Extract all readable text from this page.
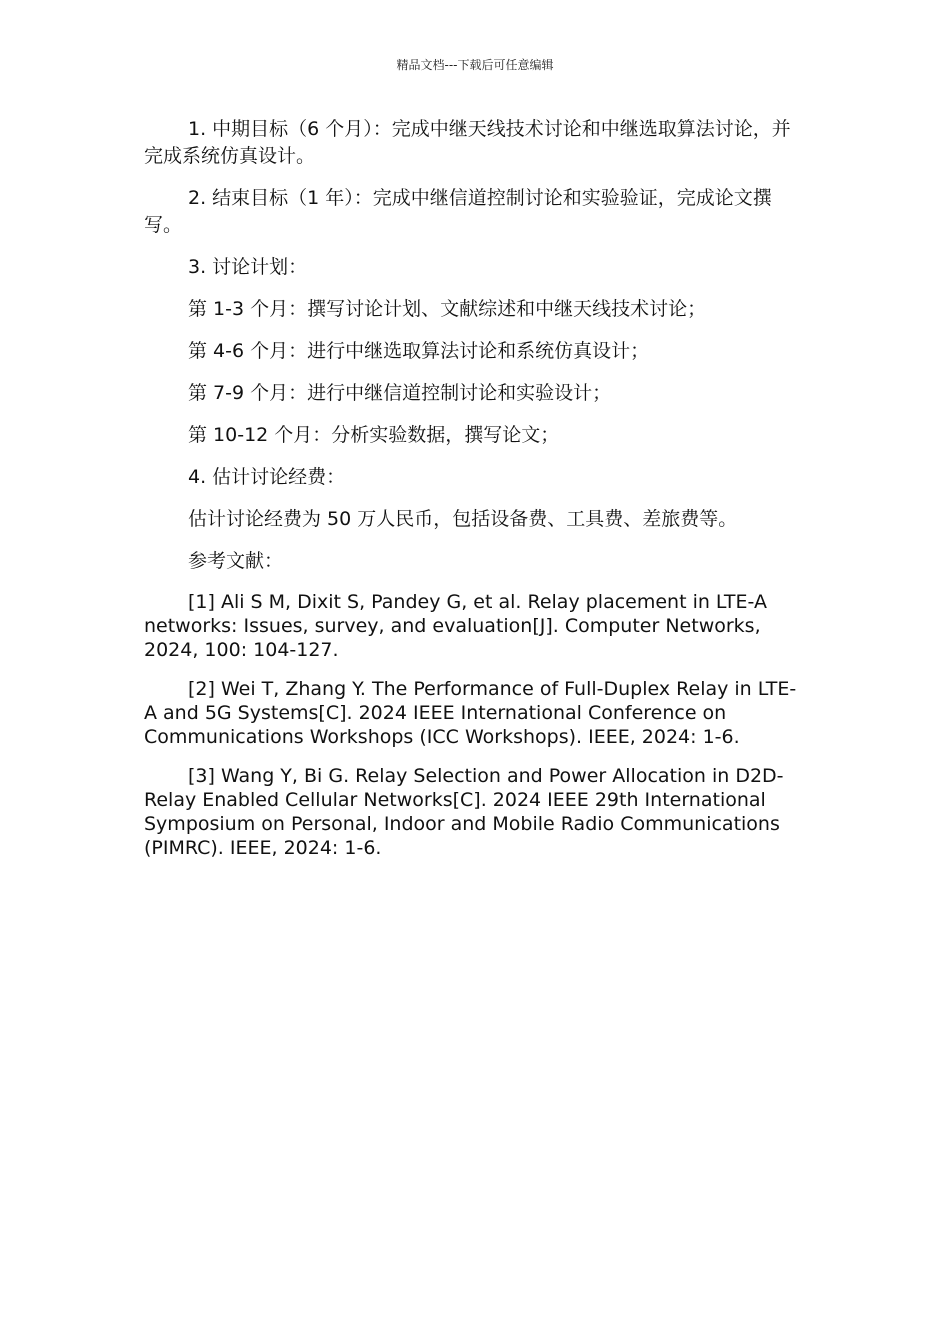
精品文档---下载后可任意编辑

1. 中期目标（6 个月）：完成中继天线技术讨论和中继选取算法讨论，并完成系统仿真设计。

2. 结束目标（1 年）：完成中继信道控制讨论和实验验证，完成论文撰写。

3. 讨论计划：

第 1-3 个月：撰写讨论计划、文献综述和中继天线技术讨论；

第 4-6 个月：进行中继选取算法讨论和系统仿真设计；

第 7-9 个月：进行中继信道控制讨论和实验设计；

第 10-12 个月：分析实验数据，撰写论文；

4. 估计讨论经费：

估计讨论经费为 50 万人民币，包括设备费、工具费、差旅费等。

参考文献：

[1] Ali S M, Dixit S, Pandey G, et al. Relay placement in LTE-A networks: Issues, survey, and evaluation[J]. Computer Networks, 2024, 100: 104-127.

[2] Wei T, Zhang Y. The Performance of Full-Duplex Relay in LTE-A and 5G Systems[C]. 2024 IEEE International Conference on Communications Workshops (ICC Workshops). IEEE, 2024: 1-6.

[3] Wang Y, Bi G. Relay Selection and Power Allocation in D2D-Relay Enabled Cellular Networks[C]. 2024 IEEE 29th International Symposium on Personal, Indoor and Mobile Radio Communications (PIMRC). IEEE, 2024: 1-6.
